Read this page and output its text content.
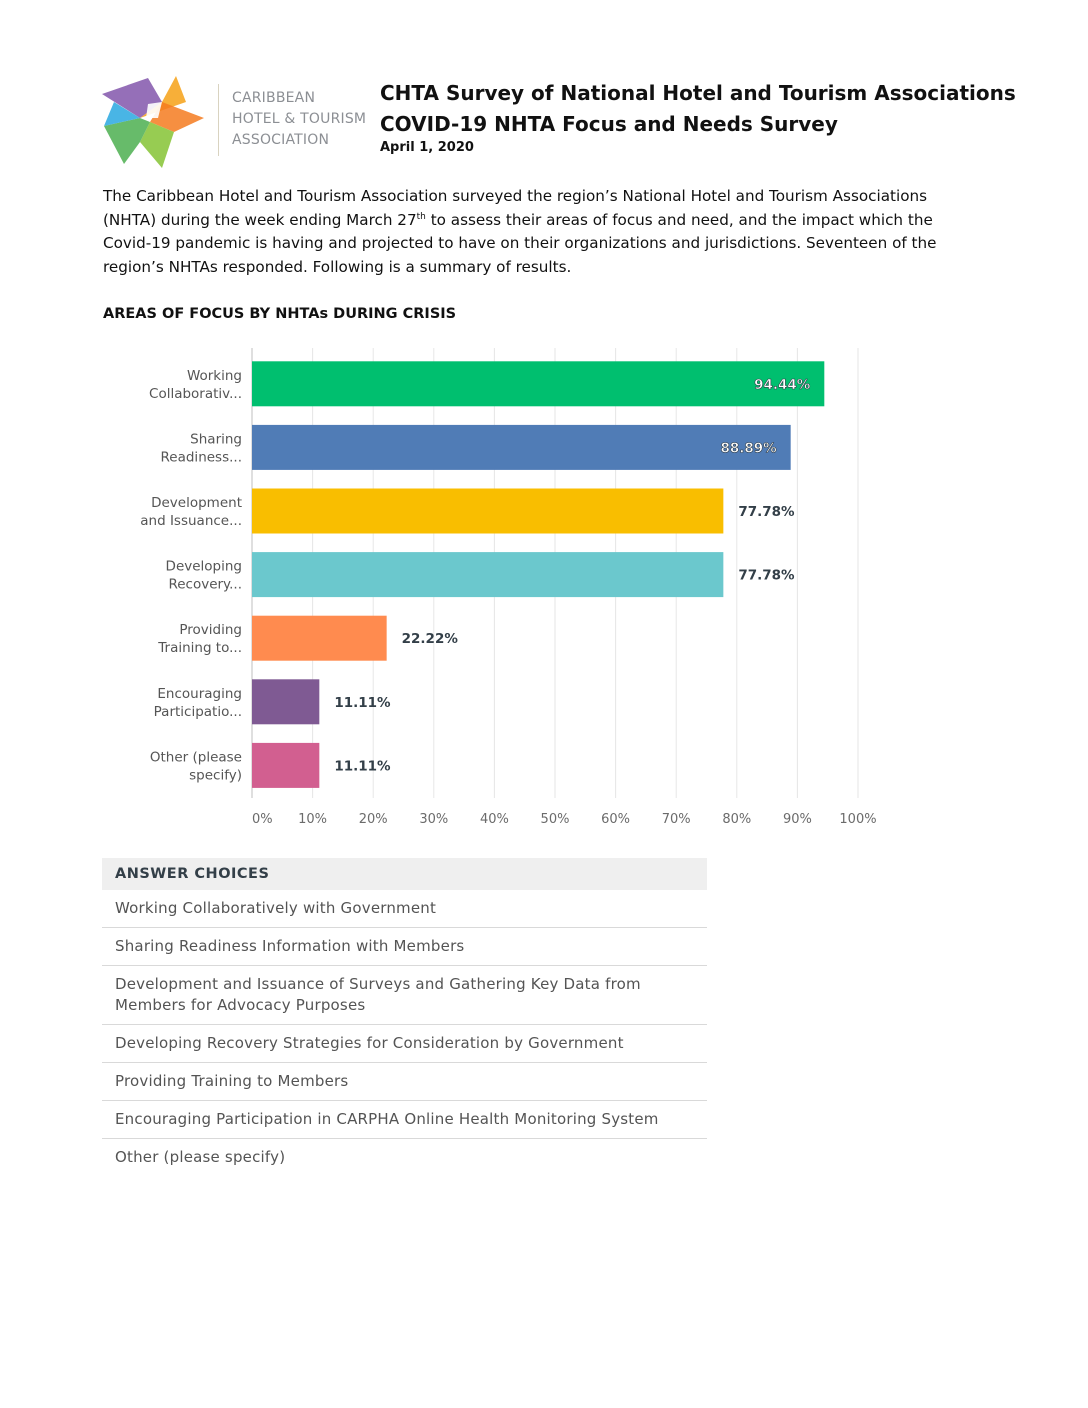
CARIBBEAN
HOTEL & TOURISM
ASSOCIATION
CHTA Survey of National Hotel and Tourism Associations
COVID-19 NHTA Focus and Needs Survey
April 1, 2020
The Caribbean Hotel and Tourism Association surveyed the region’s National Hotel and Tourism Associations (NHTA) during the week ending March 27th to assess their areas of focus and need, and the impact which the Covid-19 pandemic is having and projected to have on their organizations and jurisdictions. Seventeen of the region’s NHTAs responded. Following is a summary of results.
AREAS OF FOCUS BY NHTAs DURING CRISIS
0% 10% 20% 30% 40% 50% 60% 70% 80% 90% 100%
Working
Collaborativ...
94.44%
Sharing
Readiness...
88.89%
Development
and Issuance...
77.78%
Developing
Recovery...
77.78%
Providing
Training to...
22.22%
Encouraging
Participatio...
11.11%
Other (please
specify)
11.11%
ANSWER CHOICES
Working Collaboratively with Government
Sharing Readiness Information with Members
Development and Issuance of Surveys and Gathering Key Data from Members for Advocacy Purposes
Developing Recovery Strategies for Consideration by Government
Providing Training to Members
Encouraging Participation in CARPHA Online Health Monitoring System
Other (please specify)
